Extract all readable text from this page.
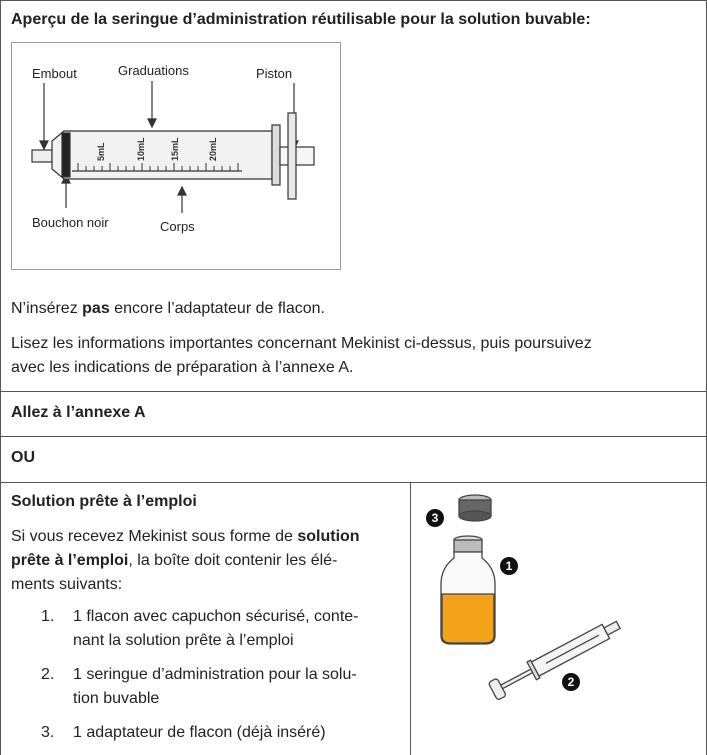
Aperçu de la seringue d’administration réutilisable pour la solution buvable:
Embout	Graduations	Piston
Bouchon noir	Corps
5mL	10mL	15mL	20mL
N’insérez pas encore l’adaptateur de flacon.
Lisez les informations importantes concernant Mekinist ci-dessus, puis poursuivez
avec les indications de préparation à l’annexe A.
Allez à l’annexe A
OU
Solution prête à l’emploi
Si vous recevez Mekinist sous forme de solution
prête à l’emploi, la boîte doit contenir les élé-
ments suivants:
1. 1 flacon avec capuchon sécurisé, conte-
nant la solution prête à l’emploi
2. 1 seringue d’administration pour la solu-
tion buvable
3. 1 adaptateur de flacon (déjà inséré)
3
1
2
